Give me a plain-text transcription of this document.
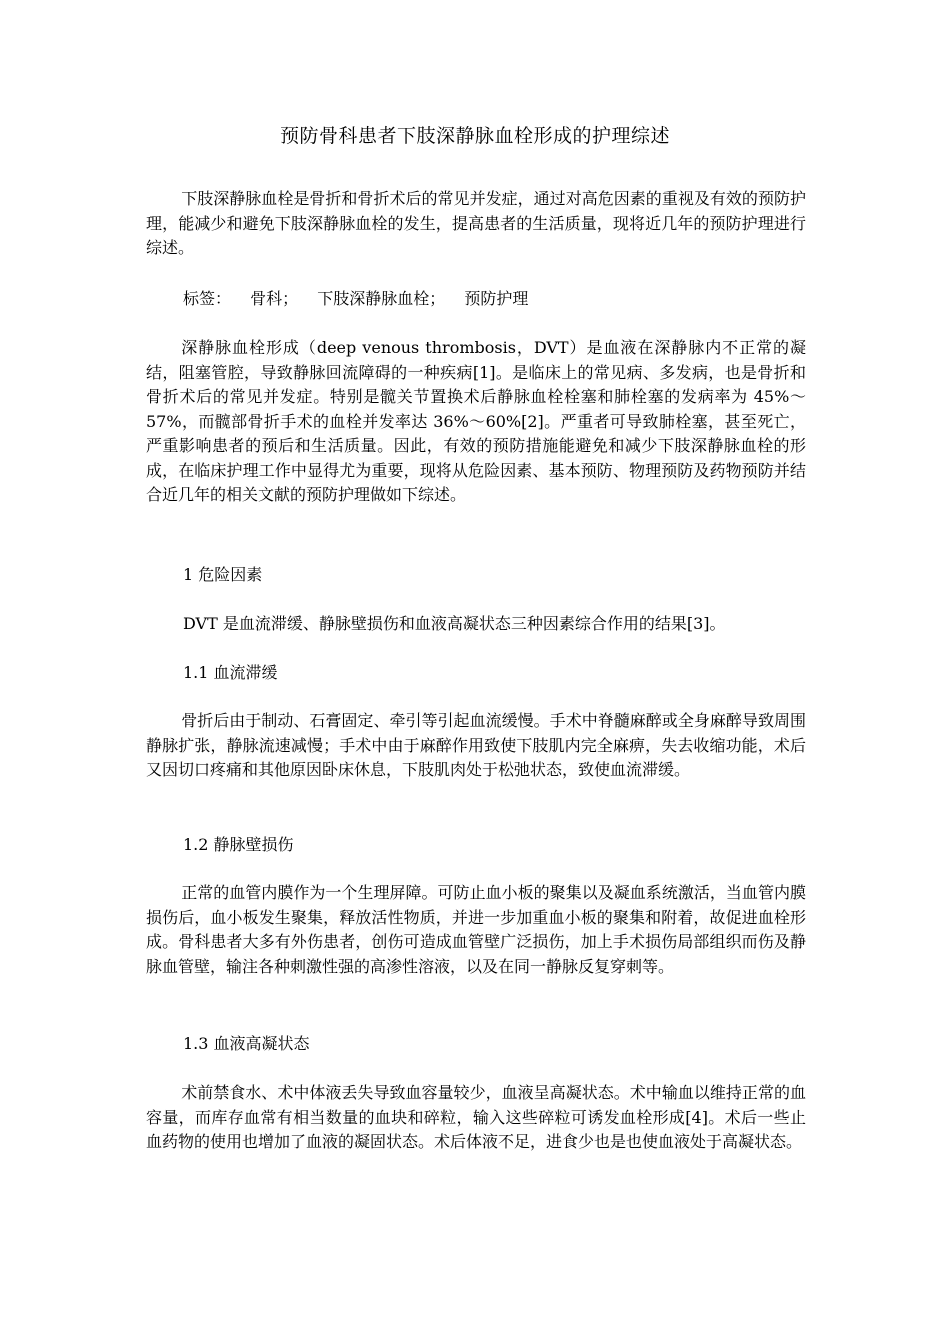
预防骨科患者下肢深静脉血栓形成的护理综述

下肢深静脉血栓是骨折和骨折术后的常见并发症，通过对高危因素的重视及有效的预防护理，能减少和避免下肢深静脉血栓的发生，提高患者的生活质量，现将近几年的预防护理进行综述。

标签： 骨科； 下肢深静脉血栓； 预防护理

深静脉血栓形成（deep venous thrombosis，DVT）是血液在深静脉内不正常的凝结，阻塞管腔，导致静脉回流障碍的一种疾病[1]。是临床上的常见病、多发病，也是骨折和骨折术后的常见并发症。特别是髋关节置换术后静脉血栓栓塞和肺栓塞的发病率为 45%～57%，而髋部骨折手术的血栓并发率达 36%～60%[2]。严重者可导致肺栓塞，甚至死亡，严重影响患者的预后和生活质量。因此，有效的预防措施能避免和减少下肢深静脉血栓的形成，在临床护理工作中显得尤为重要，现将从危险因素、基本预防、物理预防及药物预防并结合近几年的相关文献的预防护理做如下综述。

1 危险因素

DVT 是血流滞缓、静脉壁损伤和血液高凝状态三种因素综合作用的结果[3]。

1.1 血流滞缓

骨折后由于制动、石膏固定、牵引等引起血流缓慢。手术中脊髓麻醉或全身麻醉导致周围静脉扩张，静脉流速减慢；手术中由于麻醉作用致使下肢肌内完全麻痹，失去收缩功能，术后又因切口疼痛和其他原因卧床休息，下肢肌肉处于松弛状态，致使血流滞缓。

1.2 静脉壁损伤

正常的血管内膜作为一个生理屏障。可防止血小板的聚集以及凝血系统激活，当血管内膜损伤后，血小板发生聚集，释放活性物质，并进一步加重血小板的聚集和附着，故促进血栓形成。骨科患者大多有外伤患者，创伤可造成血管壁广泛损伤，加上手术损伤局部组织而伤及静脉血管壁，输注各种刺激性强的高渗性溶液，以及在同一静脉反复穿刺等。

1.3 血液高凝状态

术前禁食水、术中体液丢失导致血容量较少，血液呈高凝状态。术中输血以维持正常的血容量，而库存血常有相当数量的血块和碎粒，输入这些碎粒可诱发血栓形成[4]。术后一些止血药物的使用也增加了血液的凝固状态。术后体液不足，进食少也是也使血液处于高凝状态。
